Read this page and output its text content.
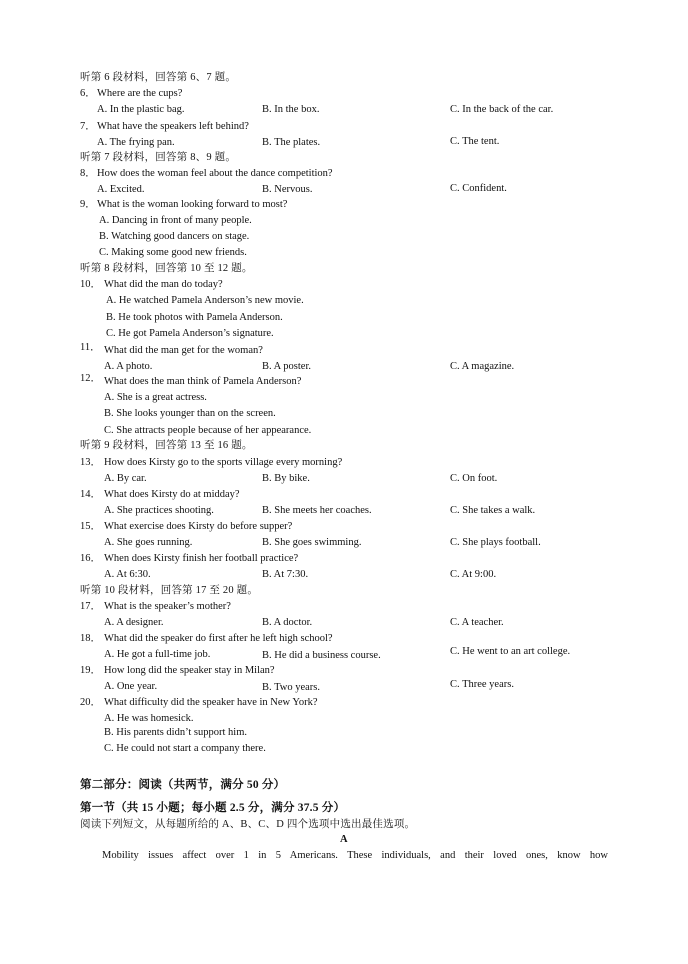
听第 6 段材料，回答第 6、7 题。
6． Where are the cups?
A. In the plastic bag.	B. In the box.	C. In the back of the car.
7． What have the speakers left behind?
A. The frying pan.	B. The plates.	C. The tent.
听第 7 段材料，回答第 8、9 题。
8． How does the woman feel about the dance competition?
A. Excited.	B. Nervous.	C. Confident.
9． What is the woman looking forward to most?
A. Dancing in front of many people.
B. Watching good dancers on stage.
C. Making some good new friends.
听第 8 段材料，回答第 10 至 12 题。
10． What did the man do today?
A. He watched Pamela Anderson’s new movie.
B. He took photos with Pamela Anderson.
C. He got Pamela Anderson’s signature.
11． What did the man get for the woman?
A. A photo.	B. A poster.	C. A magazine.
12． What does the man think of Pamela Anderson?
A. She is a great actress.
B. She looks younger than on the screen.
C. She attracts people because of her appearance.
听第 9 段材料，回答第 13 至 16 题。
13． How does Kirsty go to the sports village every morning?
A. By car.	B. By bike.	C. On foot.
14． What does Kirsty do at midday?
A. She practices shooting.	B. She meets her coaches.	C. She takes a walk.
15． What exercise does Kirsty do before supper?
A. She goes running.	B. She goes swimming.	C. She plays football.
16． When does Kirsty finish her football practice?
A. At 6:30.	B. At 7:30.	C. At 9:00.
听第 10 段材料，回答第 17 至 20 题。
17． What is the speaker’s mother?
A. A designer.	B. A doctor.	C. A teacher.
18． What did the speaker do first after he left high school?
A. He got a full-time job.	B. He did a business course.	C. He went to an art college.
19． How long did the speaker stay in Milan?
A. One year.	B. Two years.	C. Three years.
20． What difficulty did the speaker have in New York?
A. He was homesick.
B. His parents didn’t support him.
C. He could not start a company there.
第二部分：阅读（共两节，满分 50 分）
第一节（共 15 小题；每小题 2.5 分，满分 37.5 分）
阅读下列短文，从每题所给的 A、B、C、D 四个选项中选出最佳选项。
A
Mobility issues affect over 1 in 5 Americans. These individuals, and their loved ones, know how
